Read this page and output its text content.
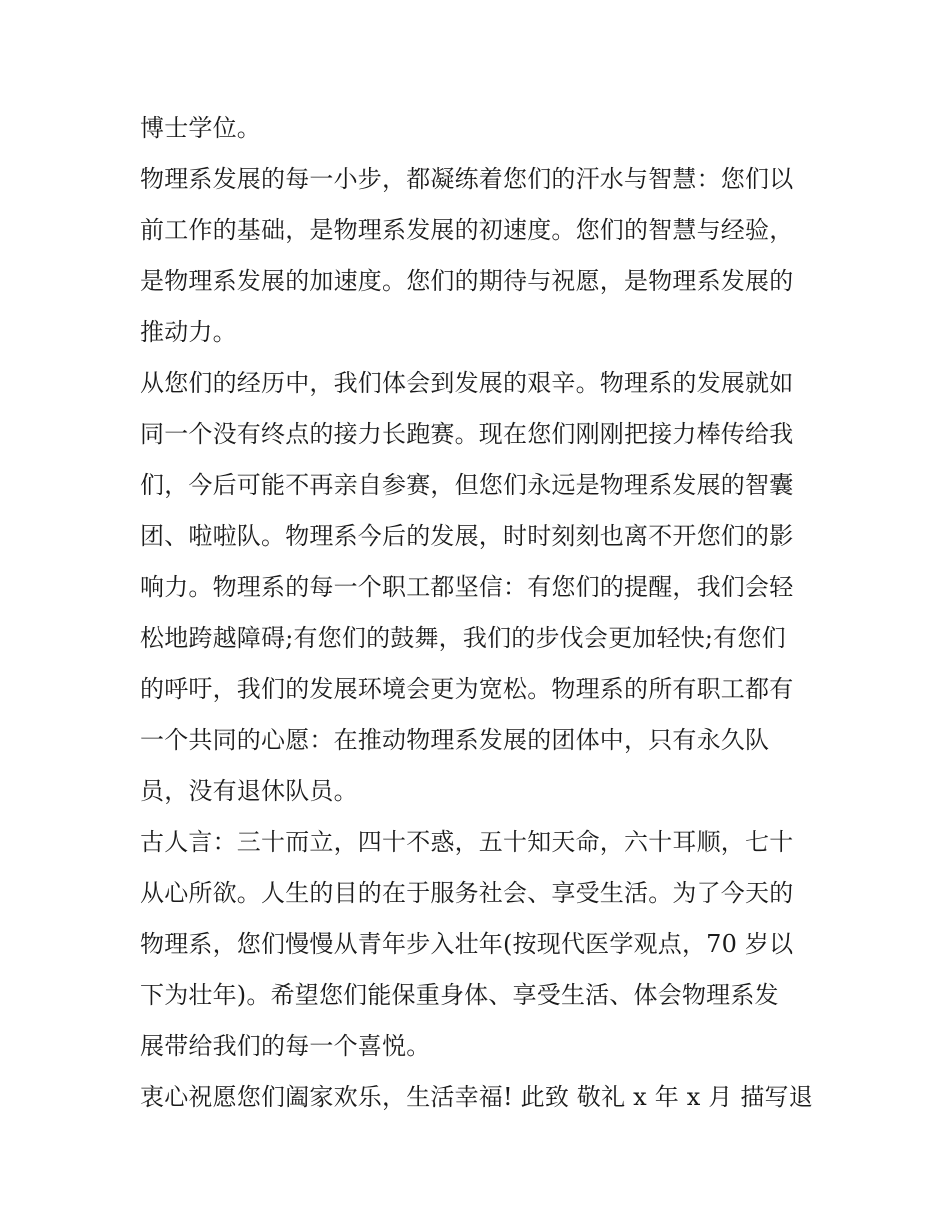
博士学位。
物理系发展的每一小步，都凝练着您们的汗水与智慧：您们以
前工作的基础，是物理系发展的初速度。您们的智慧与经验，
是物理系发展的加速度。您们的期待与祝愿，是物理系发展的
推动力。
从您们的经历中，我们体会到发展的艰辛。物理系的发展就如
同一个没有终点的接力长跑赛。现在您们刚刚把接力棒传给我
们，今后可能不再亲自参赛，但您们永远是物理系发展的智囊
团、啦啦队。物理系今后的发展，时时刻刻也离不开您们的影
响力。物理系的每一个职工都坚信：有您们的提醒，我们会轻
松地跨越障碍;有您们的鼓舞，我们的步伐会更加轻快;有您们
的呼吁，我们的发展环境会更为宽松。物理系的所有职工都有
一个共同的心愿：在推动物理系发展的团体中，只有永久队
员，没有退休队员。
古人言：三十而立，四十不惑，五十知天命，六十耳顺，七十
从心所欲。人生的目的在于服务社会、享受生活。为了今天的
物理系，您们慢慢从青年步入壮年(按现代医学观点，70 岁以
下为壮年)。希望您们能保重身体、享受生活、体会物理系发
展带给我们的每一个喜悦。
衷心祝愿您们阖家欢乐，生活幸福! 此致 敬礼 x 年 x 月 描写退
